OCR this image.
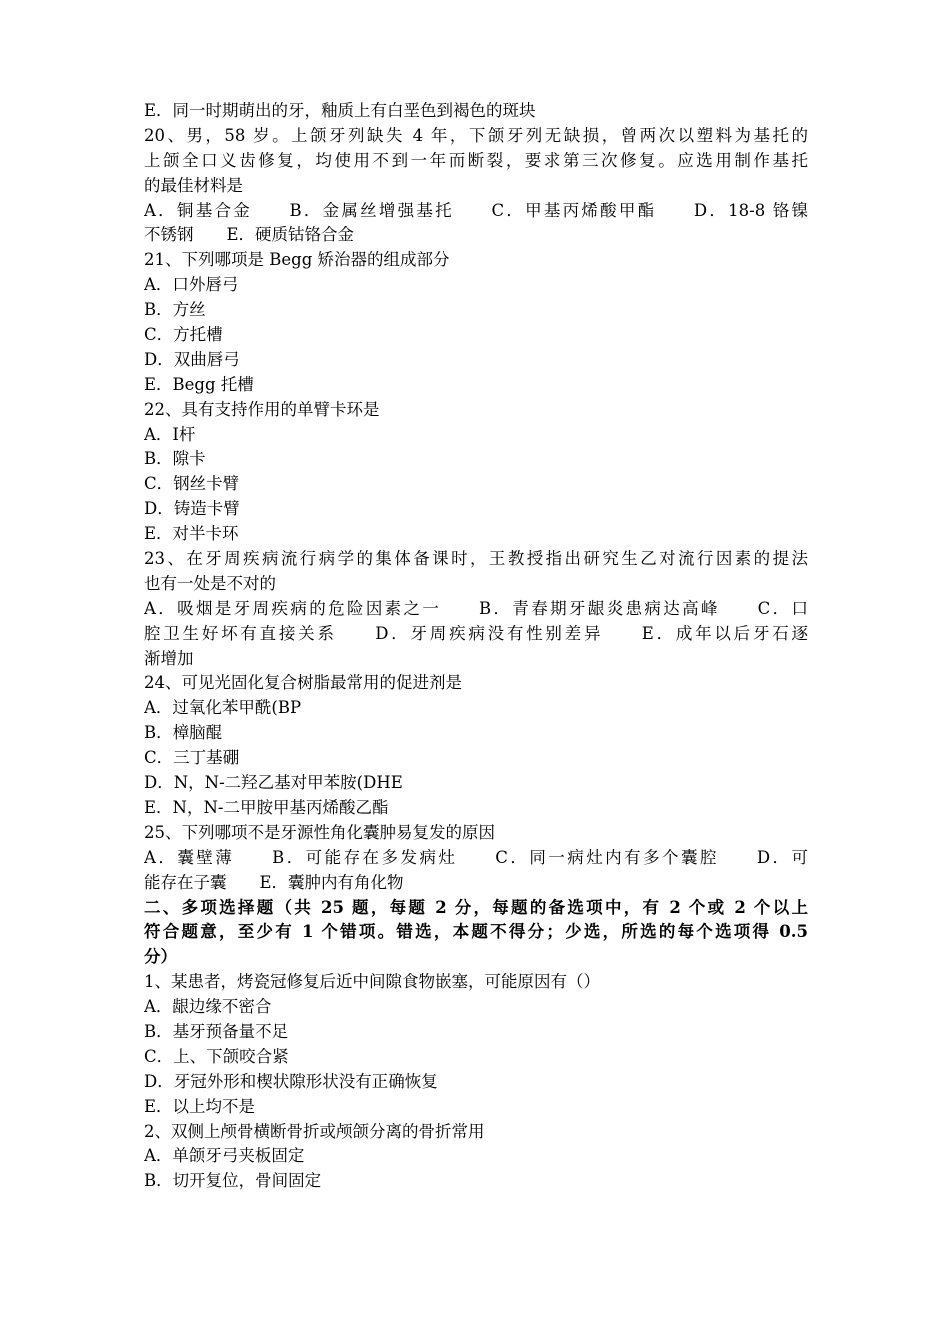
E．同一时期萌出的牙，釉质上有白垩色到褐色的斑块
20、男，58 岁。上颌牙列缺失 4 年，下颌牙列无缺损，曾两次以塑料为基托的
上颌全口义齿修复，均使用不到一年而断裂，要求第三次修复。应选用制作基托
的最佳材料是
A．铜基合金　　B．金属丝增强基托　　C．甲基丙烯酸甲酯　　D．18-8 铬镍
不锈钢　　E．硬质钴铬合金
21、下列哪项是 Begg 矫治器的组成部分
A．口外唇弓
B．方丝
C．方托槽
D．双曲唇弓
E．Begg 托槽
22、具有支持作用的单臂卡环是
A．Ⅰ杆
B．隙卡
C．钢丝卡臂
D．铸造卡臂
E．对半卡环
23、在牙周疾病流行病学的集体备课时，王教授指出研究生乙对流行因素的提法
也有一处是不对的
A．吸烟是牙周疾病的危险因素之一　　B．青春期牙龈炎患病达高峰　　C．口
腔卫生好坏有直接关系　　D．牙周疾病没有性别差异　　E．成年以后牙石逐
渐增加
24、可见光固化复合树脂最常用的促进剂是
A．过氧化苯甲酰(BP
B．樟脑醌
C．三丁基硼
D．N，N-二羟乙基对甲苯胺(DHE
E．N，N-二甲胺甲基丙烯酸乙酯
25、下列哪项不是牙源性角化囊肿易复发的原因
A．囊壁薄　　B．可能存在多发病灶　　C．同一病灶内有多个囊腔　　D．可
能存在子囊　　E．囊肿内有角化物
二、多项选择题（共 25 题，每题 2 分，每题的备选项中，有 2 个或 2 个以上
符合题意，至少有 1 个错项。错选，本题不得分；少选，所选的每个选项得 0.5
分）
1、某患者，烤瓷冠修复后近中间隙食物嵌塞，可能原因有（）
A．龈边缘不密合
B．基牙预备量不足
C．上、下颌咬合紧
D．牙冠外形和楔状隙形状没有正确恢复
E．以上均不是
2、双侧上颅骨横断骨折或颅颌分离的骨折常用
A．单颌牙弓夹板固定
B．切开复位，骨间固定
